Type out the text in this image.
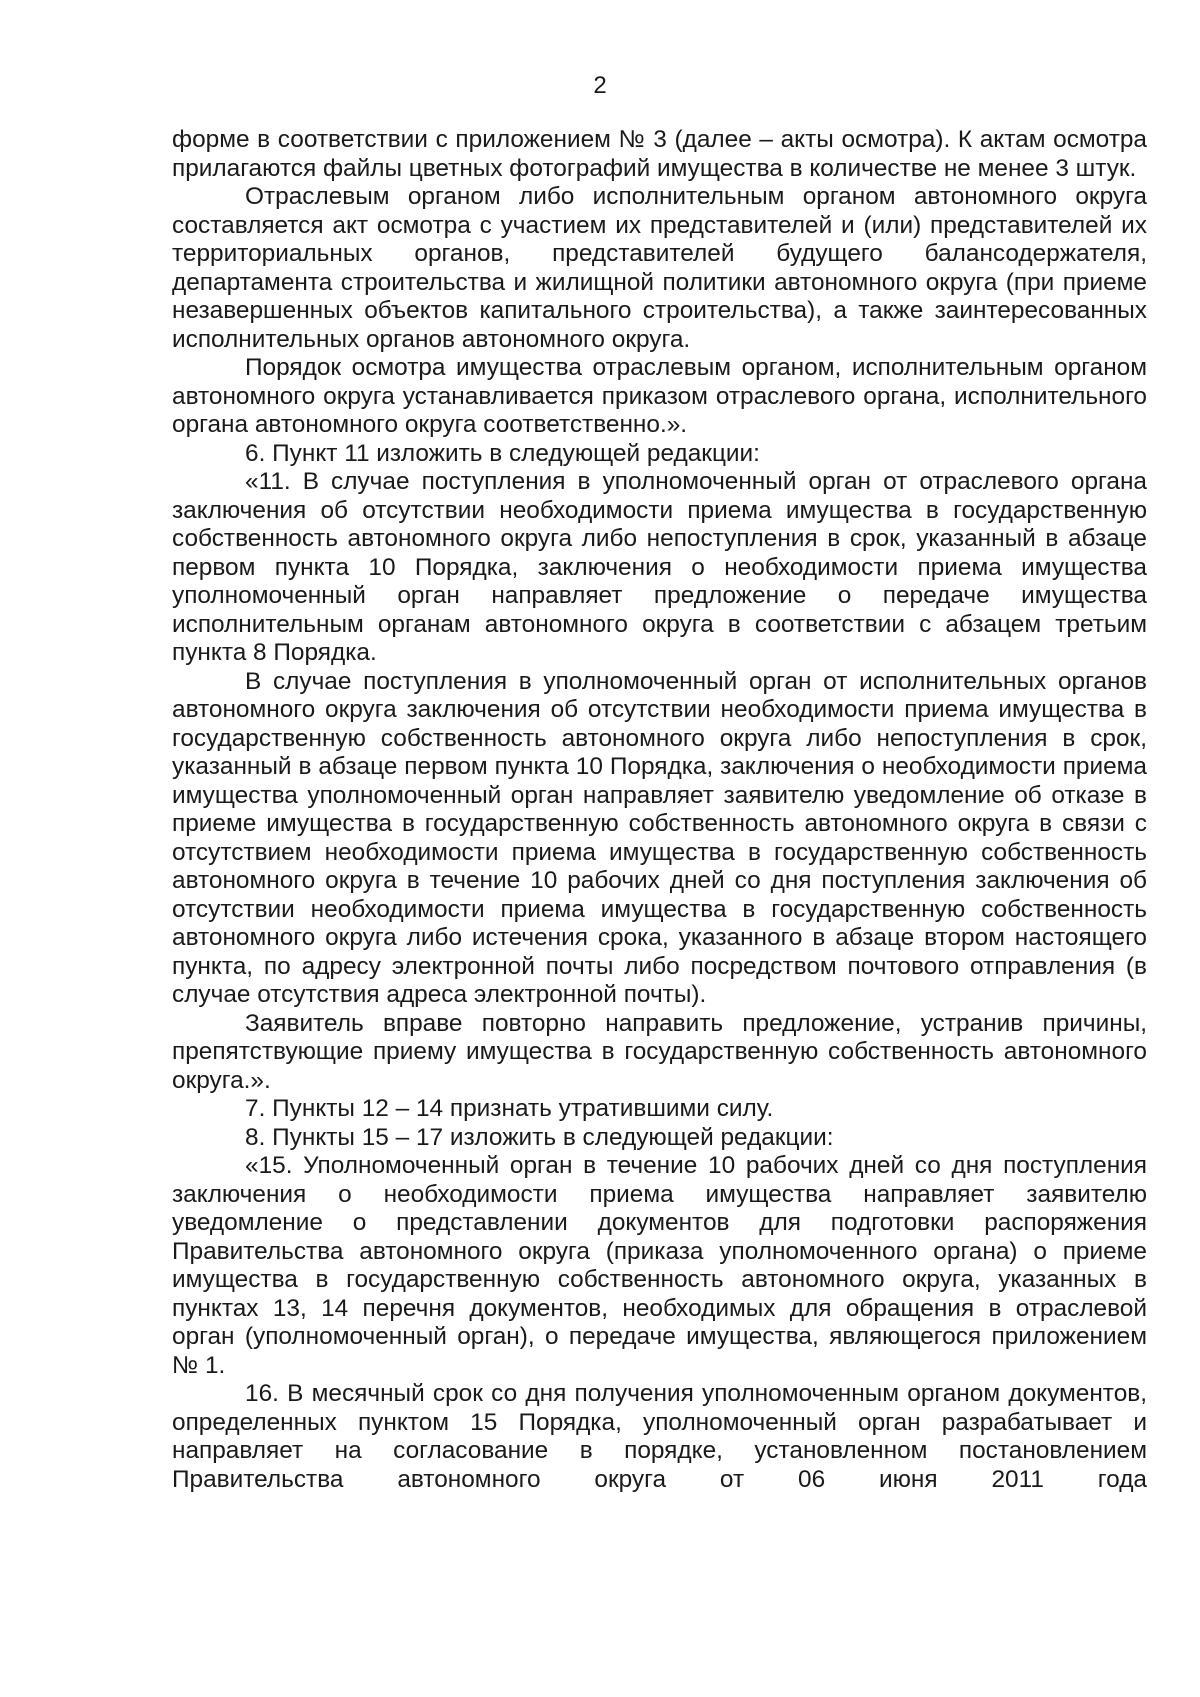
2

форме в соответствии с приложением № 3 (далее – акты осмотра). К актам осмотра прилагаются файлы цветных фотографий имущества в количестве не менее 3 штук.

Отраслевым органом либо исполнительным органом автономного округа составляется акт осмотра с участием их представителей и (или) представителей их территориальных органов, представителей будущего балансодержателя, департамента строительства и жилищной политики автономного округа (при приеме незавершенных объектов капитального строительства), а также заинтересованных исполнительных органов автономного округа.

Порядок осмотра имущества отраслевым органом, исполнительным органом автономного округа устанавливается приказом отраслевого органа, исполнительного органа автономного округа соответственно.».

6. Пункт 11 изложить в следующей редакции:

«11. В случае поступления в уполномоченный орган от отраслевого органа заключения об отсутствии необходимости приема имущества в государственную собственность автономного округа либо непоступления в срок, указанный в абзаце первом пункта 10 Порядка, заключения о необходимости приема имущества уполномоченный орган направляет предложение о передаче имущества исполнительным органам автономного округа в соответствии с абзацем третьим пункта 8 Порядка.

В случае поступления в уполномоченный орган от исполнительных органов автономного округа заключения об отсутствии необходимости приема имущества в государственную собственность автономного округа либо непоступления в срок, указанный в абзаце первом пункта 10 Порядка, заключения о необходимости приема имущества уполномоченный орган направляет заявителю уведомление об отказе в приеме имущества в государственную собственность автономного округа в связи с отсутствием необходимости приема имущества в государственную собственность автономного округа в течение 10 рабочих дней со дня поступления заключения об отсутствии необходимости приема имущества в государственную собственность автономного округа либо истечения срока, указанного в абзаце втором настоящего пункта, по адресу электронной почты либо посредством почтового отправления (в случае отсутствия адреса электронной почты).

Заявитель вправе повторно направить предложение, устранив причины, препятствующие приему имущества в государственную собственность автономного округа.».

7. Пункты 12 – 14 признать утратившими силу.

8. Пункты 15 – 17 изложить в следующей редакции:

«15. Уполномоченный орган в течение 10 рабочих дней со дня поступления заключения о необходимости приема имущества направляет заявителю уведомление о представлении документов для подготовки распоряжения Правительства автономного округа (приказа уполномоченного органа) о приеме имущества в государственную собственность автономного округа, указанных в пунктах 13, 14 перечня документов, необходимых для обращения в отраслевой орган (уполномоченный орган), о передаче имущества, являющегося приложением № 1.

16. В месячный срок со дня получения уполномоченным органом документов, определенных пунктом 15 Порядка, уполномоченный орган разрабатывает и направляет на согласование в порядке, установленном постановлением Правительства автономного округа от 06 июня 2011 года
